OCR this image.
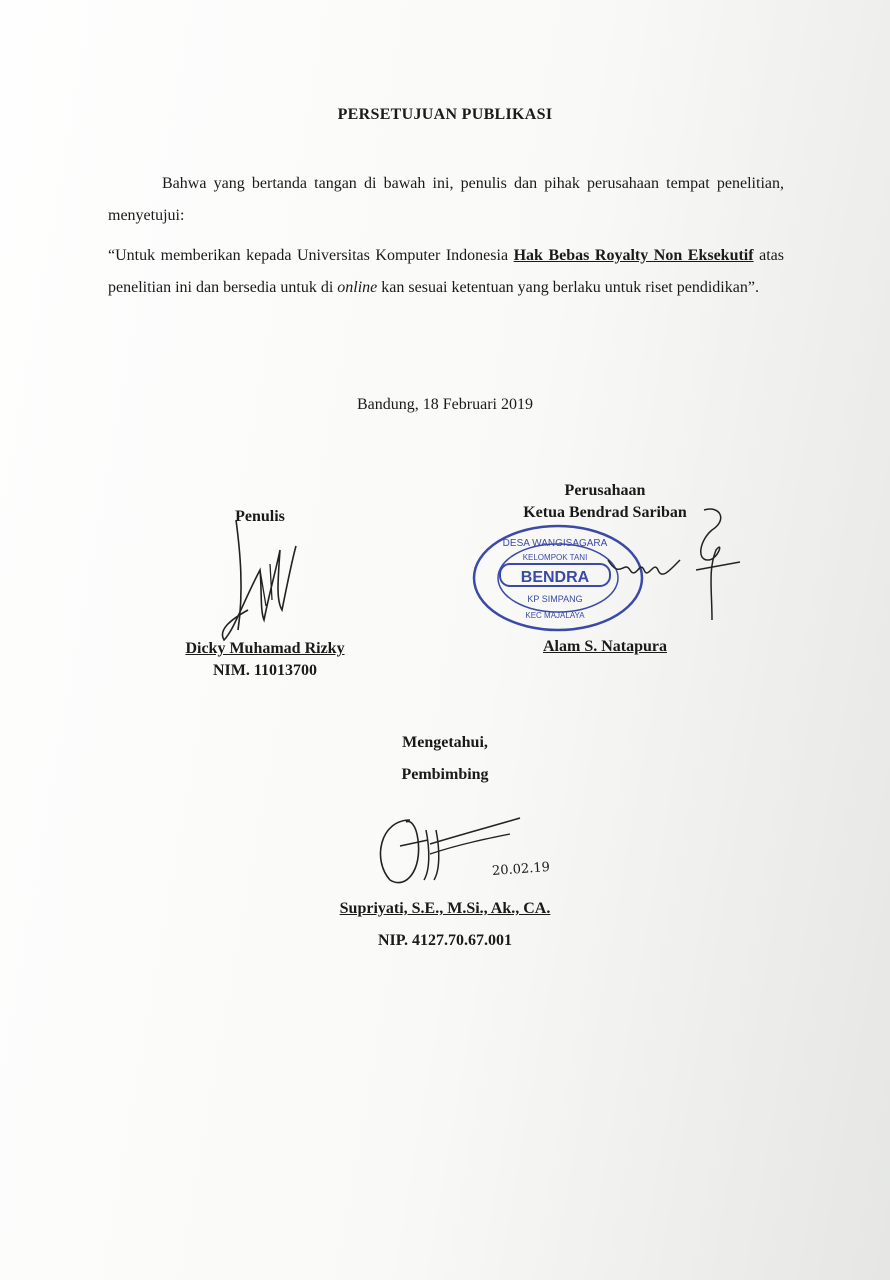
PERSETUJUAN PUBLIKASI
Bahwa yang bertanda tangan di bawah ini, penulis dan pihak perusahaan tempat penelitian, menyetujui:
“Untuk memberikan kepada Universitas Komputer Indonesia Hak Bebas Royalty Non Eksekutif atas penelitian ini dan bersedia untuk di online kan sesuai ketentuan yang berlaku untuk riset pendidikan”.
Bandung, 18 Februari 2019
Penulis
Dicky Muhamad Rizky
NIM. 11013700
Perusahaan
Ketua Bendrad Sariban
BENDRA
DESA WANGISAGARA
KELOMPOK TANI
KP SIMPANG
KEC MAJALAYA
Alam S. Natapura
Mengetahui,
Pembimbing
20.02.19
Supriyati, S.E., M.Si., Ak., CA.
NIP. 4127.70.67.001
